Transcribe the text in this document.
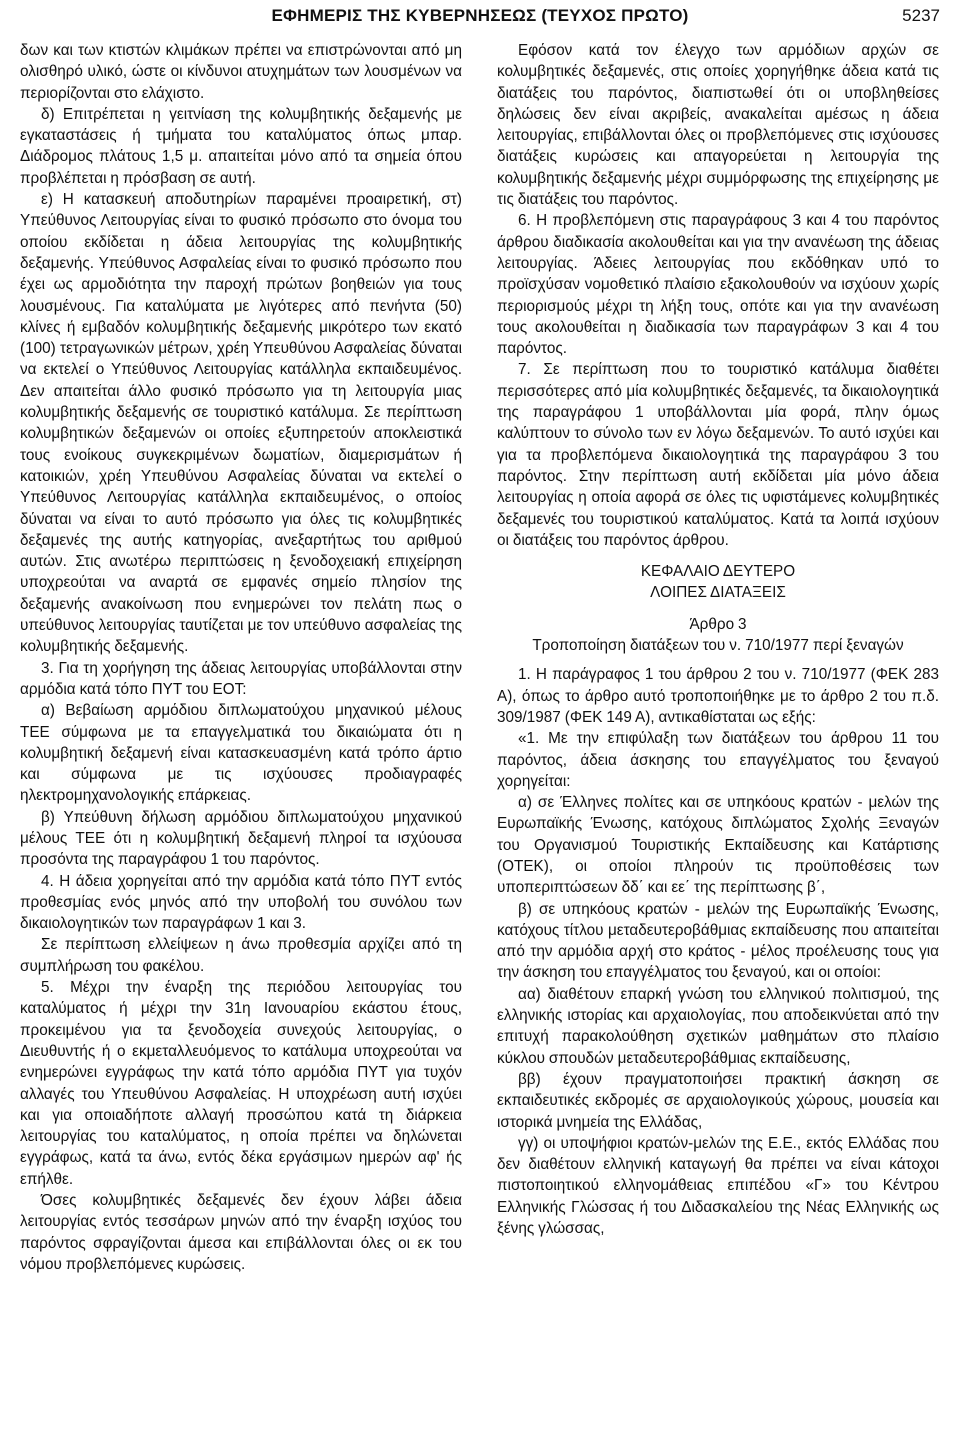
ΕΦΗΜΕΡΙΣ ΤΗΣ ΚΥΒΕΡΝΗΣΕΩΣ (ΤΕΥΧΟΣ ΠΡΩΤΟ)	5237

δων και των κτιστών κλιμάκων πρέπει να επιστρώνονται από μη ολισθηρό υλικό, ώστε οι κίνδυνοι ατυχημάτων των λουσμένων να περιορίζονται στο ελάχιστο.

δ) Επιτρέπεται η γειτνίαση της κολυμβητικής δεξαμενής με εγκαταστάσεις ή τμήματα του καταλύματος όπως μπαρ. Διάδρομος πλάτους 1,5 μ. απαιτείται μόνο από τα σημεία όπου προβλέπεται η πρόσβαση σε αυτή.

ε) Η κατασκευή αποδυτηρίων παραμένει προαιρετική, στ) Υπεύθυνος Λειτουργίας είναι το φυσικό πρόσωπο στο όνομα του οποίου εκδίδεται η άδεια λειτουργίας της κολυμβητικής δεξαμενής. Υπεύθυνος Ασφαλείας είναι το φυσικό πρόσωπο που έχει ως αρμοδιότητα την παροχή πρώτων βοηθειών για τους λουσμένους. Για καταλύματα με λιγότερες από πενήντα (50) κλίνες ή εμβαδόν κολυμβητικής δεξαμενής μικρότερο των εκατό (100) τετραγωνικών μέτρων, χρέη Υπευθύνου Ασφαλείας δύναται να εκτελεί ο Υπεύθυνος Λειτουργίας κατάλληλα εκπαιδευμένος. Δεν απαιτείται άλλο φυσικό πρόσωπο για τη λειτουργία μιας κολυμβητικής δεξαμενής σε τουριστικό κατάλυμα. Σε περίπτωση κολυμβητικών δεξαμενών οι οποίες εξυπηρετούν αποκλειστικά τους ενοίκους συγκεκριμένων δωματίων, διαμερισμάτων ή κατοικιών, χρέη Υπευθύνου Ασφαλείας δύναται να εκτελεί ο Υπεύθυνος Λειτουργίας κατάλληλα εκπαιδευμένος, ο οποίος δύναται να είναι το αυτό πρόσωπο για όλες τις κολυμβητικές δεξαμενές της αυτής κατηγορίας, ανεξαρτήτως του αριθμού αυτών. Στις ανωτέρω περιπτώσεις η ξενοδοχειακή επιχείρηση υποχρεούται να αναρτά σε εμφανές σημείο πλησίον της δεξαμενής ανακοίνωση που ενημερώνει τον πελάτη πως ο υπεύθυνος λειτουργίας ταυτίζεται με τον υπεύθυνο ασφαλείας της κολυμβητικής δεξαμενής.

3. Για τη χορήγηση της άδειας λειτουργίας υποβάλλονται στην αρμόδια κατά τόπο ΠΥΤ του ΕΟΤ:

α) Βεβαίωση αρμόδιου διπλωματούχου μηχανικού μέλους ΤΕΕ σύμφωνα με τα επαγγελματικά του δικαιώματα ότι η κολυμβητική δεξαμενή είναι κατασκευασμένη κατά τρόπο άρτιο και σύμφωνα με τις ισχύουσες προδιαγραφές ηλεκτρομηχανολογικής επάρκειας.

β) Υπεύθυνη δήλωση αρμόδιου διπλωματούχου μηχανικού μέλους ΤΕΕ ότι η κολυμβητική δεξαμενή πληροί τα ισχύουσα προσόντα της παραγράφου 1 του παρόντος.

4. Η άδεια χορηγείται από την αρμόδια κατά τόπο ΠΥΤ εντός προθεσμίας ενός μηνός από την υποβολή του συνόλου των δικαιολογητικών των παραγράφων 1 και 3.

Σε περίπτωση ελλείψεων η άνω προθεσμία αρχίζει από τη συμπλήρωση του φακέλου.

5. Μέχρι την έναρξη της περιόδου λειτουργίας του καταλύματος ή μέχρι την 31η Ιανουαρίου εκάστου έτους, προκειμένου για τα ξενοδοχεία συνεχούς λειτουργίας, ο Διευθυντής ή ο εκμεταλλευόμενος το κατάλυμα υποχρεούται να ενημερώνει εγγράφως την κατά τόπο αρμόδια ΠΥΤ για τυχόν αλλαγές του Υπευθύνου Ασφαλείας. Η υποχρέωση αυτή ισχύει και για οποιαδήποτε αλλαγή προσώπου κατά τη διάρκεια λειτουργίας του καταλύματος, η οποία πρέπει να δηλώνεται εγγράφως, κατά τα άνω, εντός δέκα εργάσιμων ημερών αφ' ής επήλθε.

Όσες κολυμβητικές δεξαμενές δεν έχουν λάβει άδεια λειτουργίας εντός τεσσάρων μηνών από την έναρξη ισχύος του παρόντος σφραγίζονται άμεσα και επιβάλλονται όλες οι εκ του νόμου προβλεπόμενες κυρώσεις.

Εφόσον κατά τον έλεγχο των αρμόδιων αρχών σε κολυμβητικές δεξαμενές, στις οποίες χορηγήθηκε άδεια κατά τις διατάξεις του παρόντος, διαπιστωθεί ότι οι υποβληθείσες δηλώσεις δεν είναι ακριβείς, ανακαλείται αμέσως η άδεια λειτουργίας, επιβάλλονται όλες οι προβλεπόμενες στις ισχύουσες διατάξεις κυρώσεις και απαγορεύεται η λειτουργία της κολυμβητικής δεξαμενής μέχρι συμμόρφωσης της επιχείρησης με τις διατάξεις του παρόντος.

6. Η προβλεπόμενη στις παραγράφους 3 και 4 του παρόντος άρθρου διαδικασία ακολουθείται και για την ανανέωση της άδειας λειτουργίας. Άδειες λειτουργίας που εκδόθηκαν υπό το προϊσχύσαν νομοθετικό πλαίσιο εξακολουθούν να ισχύουν χωρίς περιορισμούς μέχρι τη λήξη τους, οπότε και για την ανανέωση τους ακολουθείται η διαδικασία των παραγράφων 3 και 4 του παρόντος.

7. Σε περίπτωση που το τουριστικό κατάλυμα διαθέτει περισσότερες από μία κολυμβητικές δεξαμενές, τα δικαιολογητικά της παραγράφου 1 υποβάλλονται μία φορά, πλην όμως καλύπτουν το σύνολο των εν λόγω δεξαμενών. Το αυτό ισχύει και για τα προβλεπόμενα δικαιολογητικά της παραγράφου 3 του παρόντος. Στην περίπτωση αυτή εκδίδεται μία μόνο άδεια λειτουργίας η οποία αφορά σε όλες τις υφιστάμενες κολυμβητικές δεξαμενές του τουριστικού καταλύματος. Κατά τα λοιπά ισχύουν οι διατάξεις του παρόντος άρθρου.

ΚΕΦΑΛΑΙΟ ΔΕΥΤΕΡΟ

ΛΟΙΠΕΣ ΔΙΑΤΑΞΕΙΣ

Άρθρο 3

Τροποποίηση διατάξεων του ν. 710/1977 περί ξεναγών

1. Η παράγραφος 1 του άρθρου 2 του ν. 710/1977 (ΦΕΚ 283 Α), όπως το άρθρο αυτό τροποποιήθηκε με το άρθρο 2 του π.δ. 309/1987 (ΦΕΚ 149 Α), αντικαθίσταται ως εξής:

«1. Με την επιφύλαξη των διατάξεων του άρθρου 11 του παρόντος, άδεια άσκησης του επαγγέλματος του ξεναγού χορηγείται:

α) σε Έλληνες πολίτες και σε υπηκόους κρατών - μελών της Ευρωπαϊκής Ένωσης, κατόχους διπλώματος Σχολής Ξεναγών του Οργανισμού Τουριστικής Εκπαίδευσης και Κατάρτισης (ΟΤΕΚ), οι οποίοι πληρούν τις προϋποθέσεις των υποπεριπτώσεων δδ΄ και εε΄ της περίπτωσης β΄,

β) σε υπηκόους κρατών - μελών της Ευρωπαϊκής Ένωσης, κατόχους τίτλου μεταδευτεροβάθμιας εκπαίδευσης που απαιτείται από την αρμόδια αρχή στο κράτος - μέλος προέλευσης τους για την άσκηση του επαγγέλματος του ξεναγού, και οι οποίοι:

αα) διαθέτουν επαρκή γνώση του ελληνικού πολιτισμού, της ελληνικής ιστορίας και αρχαιολογίας, που αποδεικνύεται από την επιτυχή παρακολούθηση σχετικών μαθημάτων στο πλαίσιο κύκλου σπουδών μεταδευτεροβάθμιας εκπαίδευσης,

ββ) έχουν πραγματοποιήσει πρακτική άσκηση σε εκπαιδευτικές εκδρομές σε αρχαιολογικούς χώρους, μουσεία και ιστορικά μνημεία της Ελλάδας,

γγ) οι υποψήφιοι κρατών-μελών της Ε.Ε., εκτός Ελλάδας που δεν διαθέτουν ελληνική καταγωγή θα πρέπει να είναι κάτοχοι πιστοποιητικού ελληνομάθειας επιπέδου «Γ» του Κέντρου Ελληνικής Γλώσσας ή του Διδασκαλείου της Νέας Ελληνικής ως ξένης γλώσσας,
